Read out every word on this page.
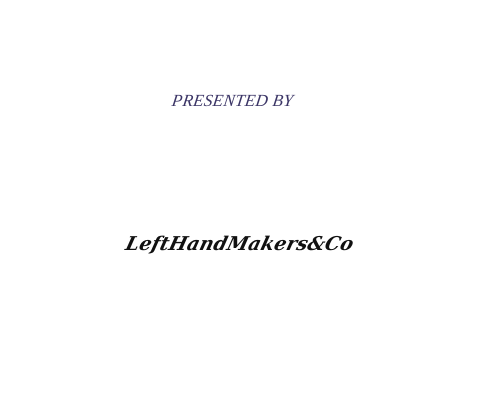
PRESENTED BY
LeftHandMakers&Co
